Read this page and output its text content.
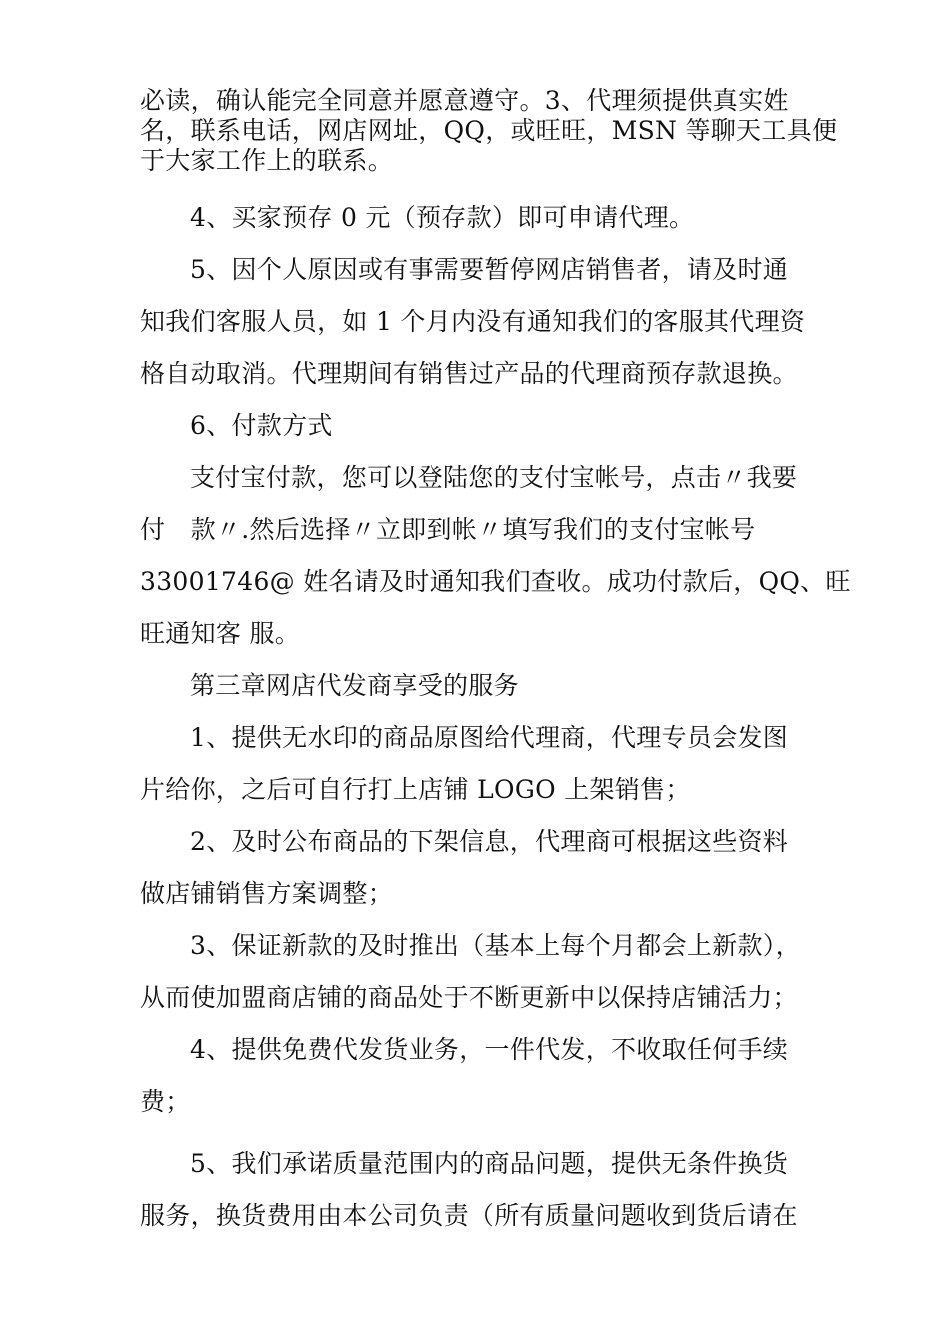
必读，确认能完全同意并愿意遵守。3、代理须提供真实姓
名，联系电话，网店网址，QQ，或旺旺，MSN 等聊天工具便
于大家工作上的联系。
4、买家预存 0 元（预存款）即可申请代理。
5、因个人原因或有事需要暂停网店销售者，请及时通
知我们客服人员，如 1 个月内没有通知我们的客服其代理资
格自动取消。代理期间有销售过产品的代理商预存款退换。
6、付款方式
支付宝付款，您可以登陆您的支付宝帐号，点击〃我要
付　款〃.然后选择〃立即到帐〃填写我们的支付宝帐号
33001746@ 姓名请及时通知我们查收。成功付款后，QQ、旺
旺通知客 服。
第三章网店代发商享受的服务
1、提供无水印的商品原图给代理商，代理专员会发图
片给你，之后可自行打上店铺 LOGO 上架销售；
2、及时公布商品的下架信息，代理商可根据这些资料
做店铺销售方案调整；
3、保证新款的及时推出（基本上每个月都会上新款），
从而使加盟商店铺的商品处于不断更新中以保持店铺活力；
4、提供免费代发货业务，一件代发，不收取任何手续
费；
5、我们承诺质量范围内的商品问题，提供无条件换货
服务，换货费用由本公司负责（所有质量问题收到货后请在
